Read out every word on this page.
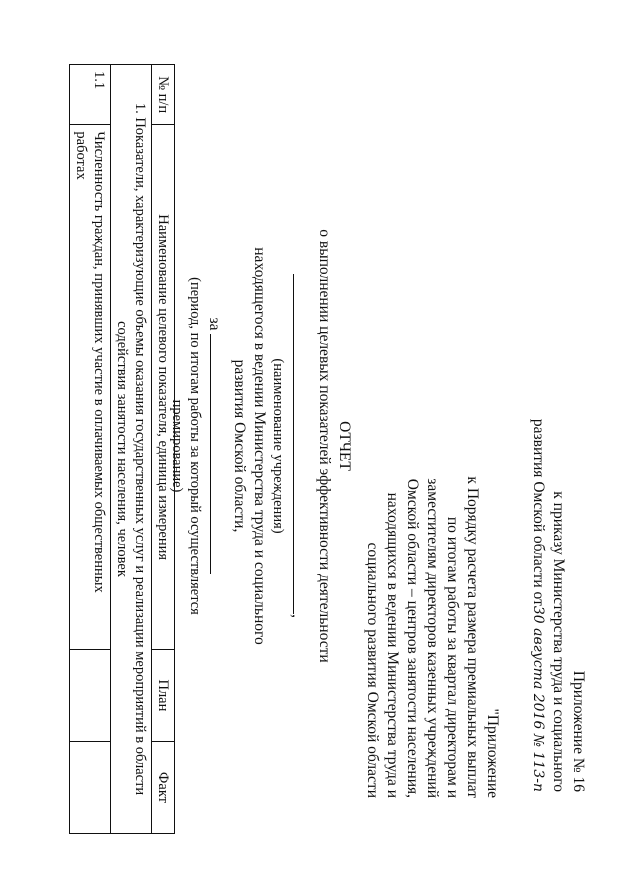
Приложение № 16
к приказу Министерства труда и социального
развития Омской области от30 августа 2016 № 113-п
"Приложение
к Порядку расчета размера премиальных выплат
по итогам работы за квартал директорам и
заместителям директоров казенных учреждений
Омской области – центров занятости населения,
находящихся в ведении Министерства труда и
социального развития Омской области
ОТЧЕТ
о выполнении целевых показателей эффективности деятельности
,
(наименование учреждения)
находящегося в ведении Министерства труда и социального
развития Омской области,
за
(период, по итогам работы за который осуществляется
премирование)
№ п/п	Наименование целевого показателя, единица измерения	План	Факт
1. Показатели, характеризующие объемы оказания государственных услуг и реализации мероприятий в области содействия занятости населения, человек			
1.1	Численность граждан, принявших участие в оплачиваемых общественных работах		
